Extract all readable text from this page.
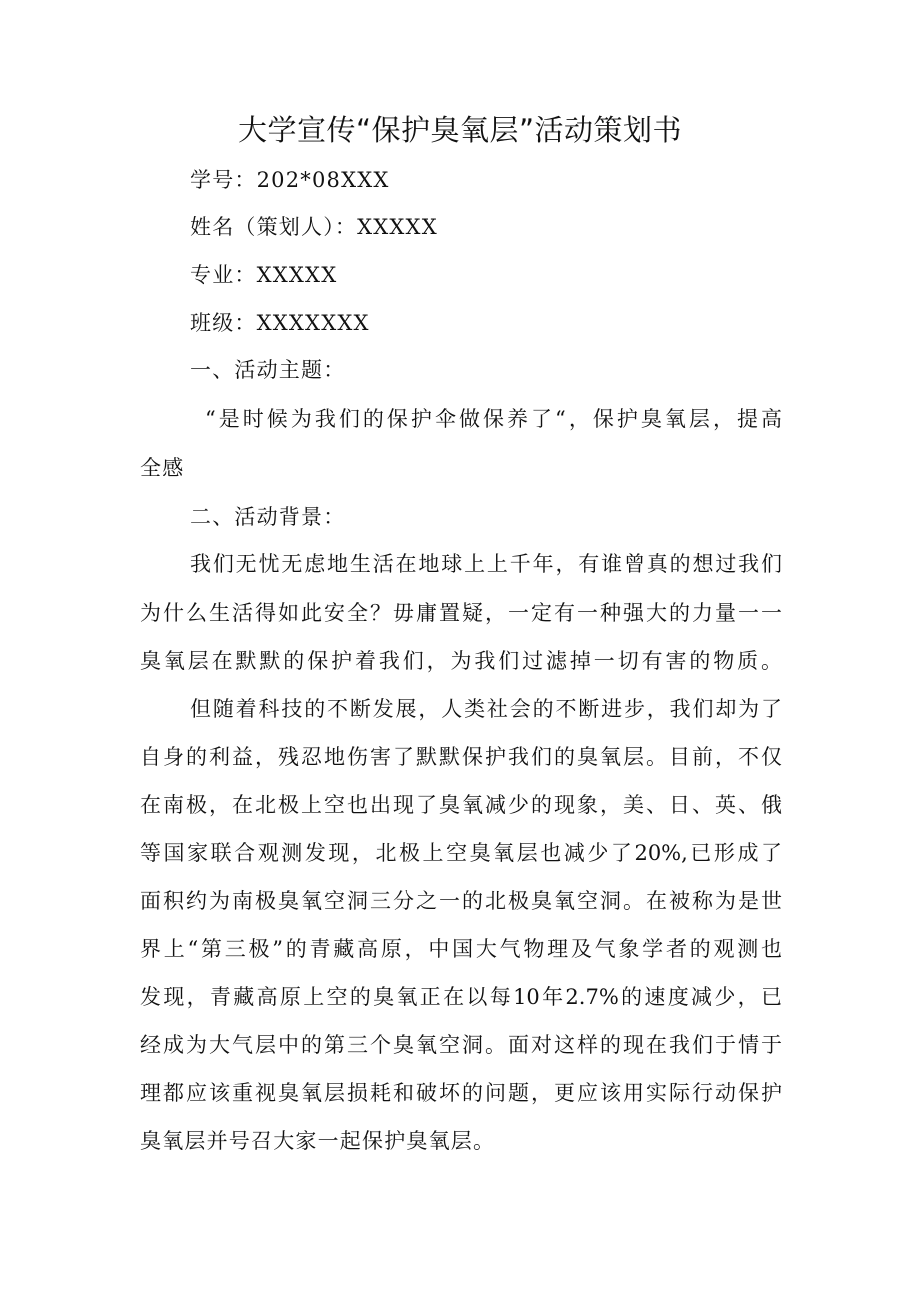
大学宣传“保护臭氧层”活动策划书
学号：202*08XXX
姓名（策划人）：XXXXX
专业：XXXXX
班级：XXXXXXX
一、活动主题：
“是时候为我们的保护伞做保养了“，保护臭氧层，提高
全感
二、活动背景：
我们无忧无虑地生活在地球上上千年，有谁曾真的想过我们
为什么生活得如此安全？毋庸置疑，一定有一种强大的力量一一
臭氧层在默默的保护着我们，为我们过滤掉一切有害的物质。
但随着科技的不断发展，人类社会的不断进步，我们却为了
自身的利益，残忍地伤害了默默保护我们的臭氧层。目前，不仅
在南极，在北极上空也出现了臭氧减少的现象，美、日、英、俄
等国家联合观测发现，北极上空臭氧层也减少了20%,已形成了
面积约为南极臭氧空洞三分之一的北极臭氧空洞。在被称为是世
界上“第三极”的青藏高原，中国大气物理及气象学者的观测也
发现，青藏高原上空的臭氧正在以每10年2.7%的速度减少，已
经成为大气层中的第三个臭氧空洞。面对这样的现在我们于情于
理都应该重视臭氧层损耗和破坏的问题，更应该用实际行动保护
臭氧层并号召大家一起保护臭氧层。
